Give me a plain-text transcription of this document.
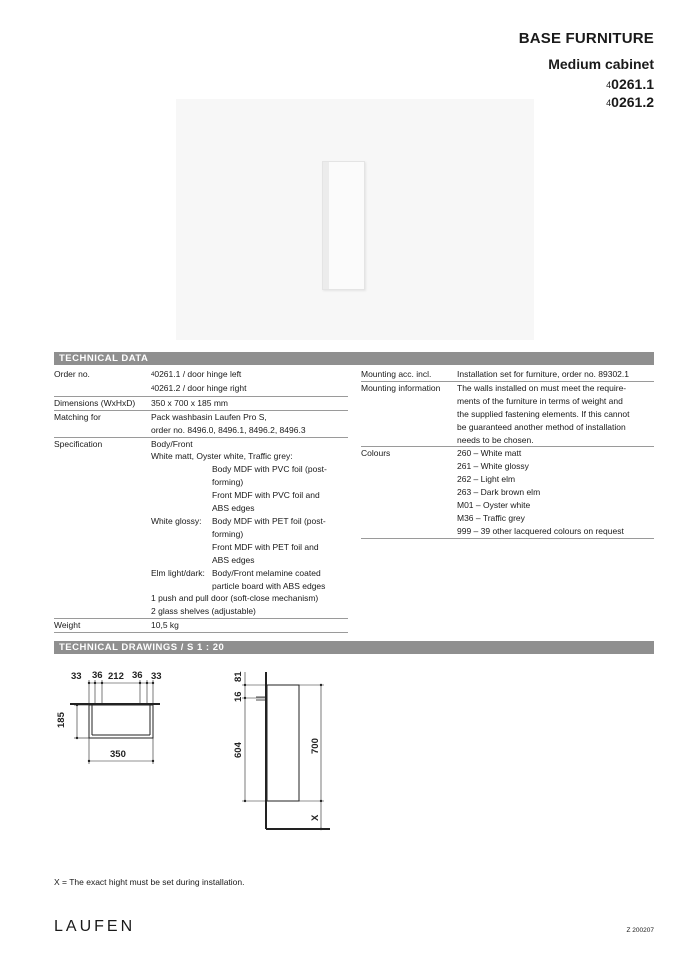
BASE FURNITURE
Medium cabinet
40261.1
40261.2
TECHNICAL DATA
Order no.	40261.1 / door hinge left
40261.2 / door hinge right
Dimensions (WxHxD)	350 x 700 x 185 mm
Matching for	Pack washbasin Laufen Pro S,
order no. 8496.0, 8496.1, 8496.2, 8496.3
Specification	Body/Front
White matt, Oyster white, Traffic grey:
Body MDF with PVC foil (post-
forming)
Front MDF with PVC foil and
ABS edges
White glossy:	Body MDF with PET foil (post-
forming)
Front MDF with PET foil and
ABS edges
Elm light/dark: Body/Front melamine coated
particle board with ABS edges
1 push and pull door (soft-close mechanism)
2 glass shelves (adjustable)
Weight	10,5 kg
Mounting acc. incl.	Installation set for furniture, order no. 89302.1
Mounting information	The walls installed on must meet the require-
ments of the furniture in terms of weight and
the supplied fastening elements. If this cannot
be guaranteed another method of installation
needs to be chosen.
Colours	260 – White matt
261 – White glossy
262 – Light elm
263 – Dark brown elm
M01 – Oyster white
M36 – Traffic grey
999 – 39 other lacquered colours on request
TECHNICAL DRAWINGS / S 1 : 20
33 36 212 36 33
185
350
81
16
604	700
X
X = The exact hight must be set during installation.
LAUFEN	Z 200207
